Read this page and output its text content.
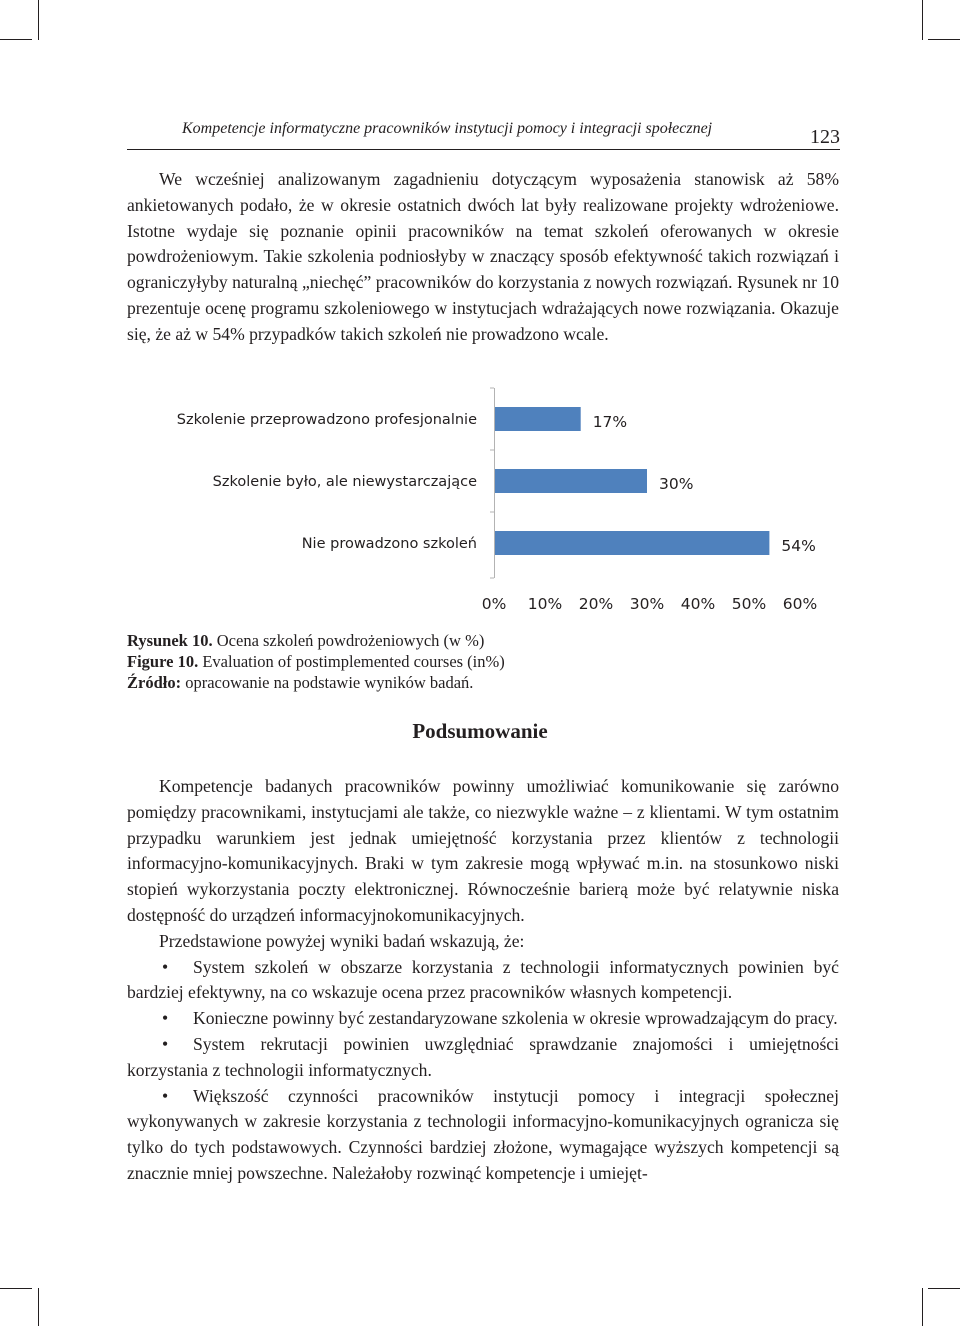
Kompetencje informatyczne pracowników instytucji pomocy i integracji społecznej	123

We wcześniej analizowanym zagadnieniu dotyczącym wyposażenia stanowisk aż 58% ankietowanych podało, że w okresie ostatnich dwóch lat były realizowane projekty wdrożeniowe. Istotne wydaje się poznanie opinii pracowników na temat szkoleń oferowanych w okresie powdrożeniowym. Takie szkolenia podniosłyby w znaczący sposób efektywność takich rozwiązań i ograniczyłyby naturalną „niechęć” pracowników do korzystania z nowych rozwiązań. Rysunek nr 10 prezentuje ocenę programu szkoleniowego w instytucjach wdrażających nowe rozwiązania. Okazuje się, że aż w 54% przypadków takich szkoleń nie prowadzono wcale.

Szkolenie przeprowadzono profesjonalnie	17%
Szkolenie było, ale niewystarczające	30%
Nie prowadzono szkoleń	54%
0% 10% 20% 30% 40% 50% 60%
Rysunek 10. Ocena szkoleń powdrożeniowych (w %)
Figure 10. Evaluation of postimplemented courses (in%)
Źródło: opracowanie na podstawie wyników badań.
Podsumowanie

Kompetencje badanych pracowników powinny umożliwiać komunikowanie się zarówno pomiędzy pracownikami, instytucjami ale także, co niezwykle ważne – z klientami. W tym ostatnim przypadku warunkiem jest jednak umiejętność korzystania przez klientów z technologii informacyjno-komunikacyjnych. Braki w tym zakresie mogą wpływać m.in. na stosunkowo niski stopień wykorzystania poczty elektronicznej. Równocześnie barierą może być relatywnie niska dostępność do urządzeń informacyjnokomunikacyjnych.

Przedstawione powyżej wyniki badań wskazują, że:

• System szkoleń w obszarze korzystania z technologii informatycznych powinien być bardziej efektywny, na co wskazuje ocena przez pracowników własnych kompetencji.

• Konieczne powinny być zestandaryzowane szkolenia w okresie wprowadzającym do pracy.

• System rekrutacji powinien uwzględniać sprawdzanie znajomości i umiejętności korzystania z technologii informatycznych.

• Większość czynności pracowników instytucji pomocy i integracji społecznej wykonywanych w zakresie korzystania z technologii informacyjno-komunikacyjnych ogranicza się tylko do tych podstawowych. Czynności bardziej złożone, wymagające wyższych kompetencji są znacznie mniej powszechne. Należałoby rozwinąć kompetencje i umiejęt-
